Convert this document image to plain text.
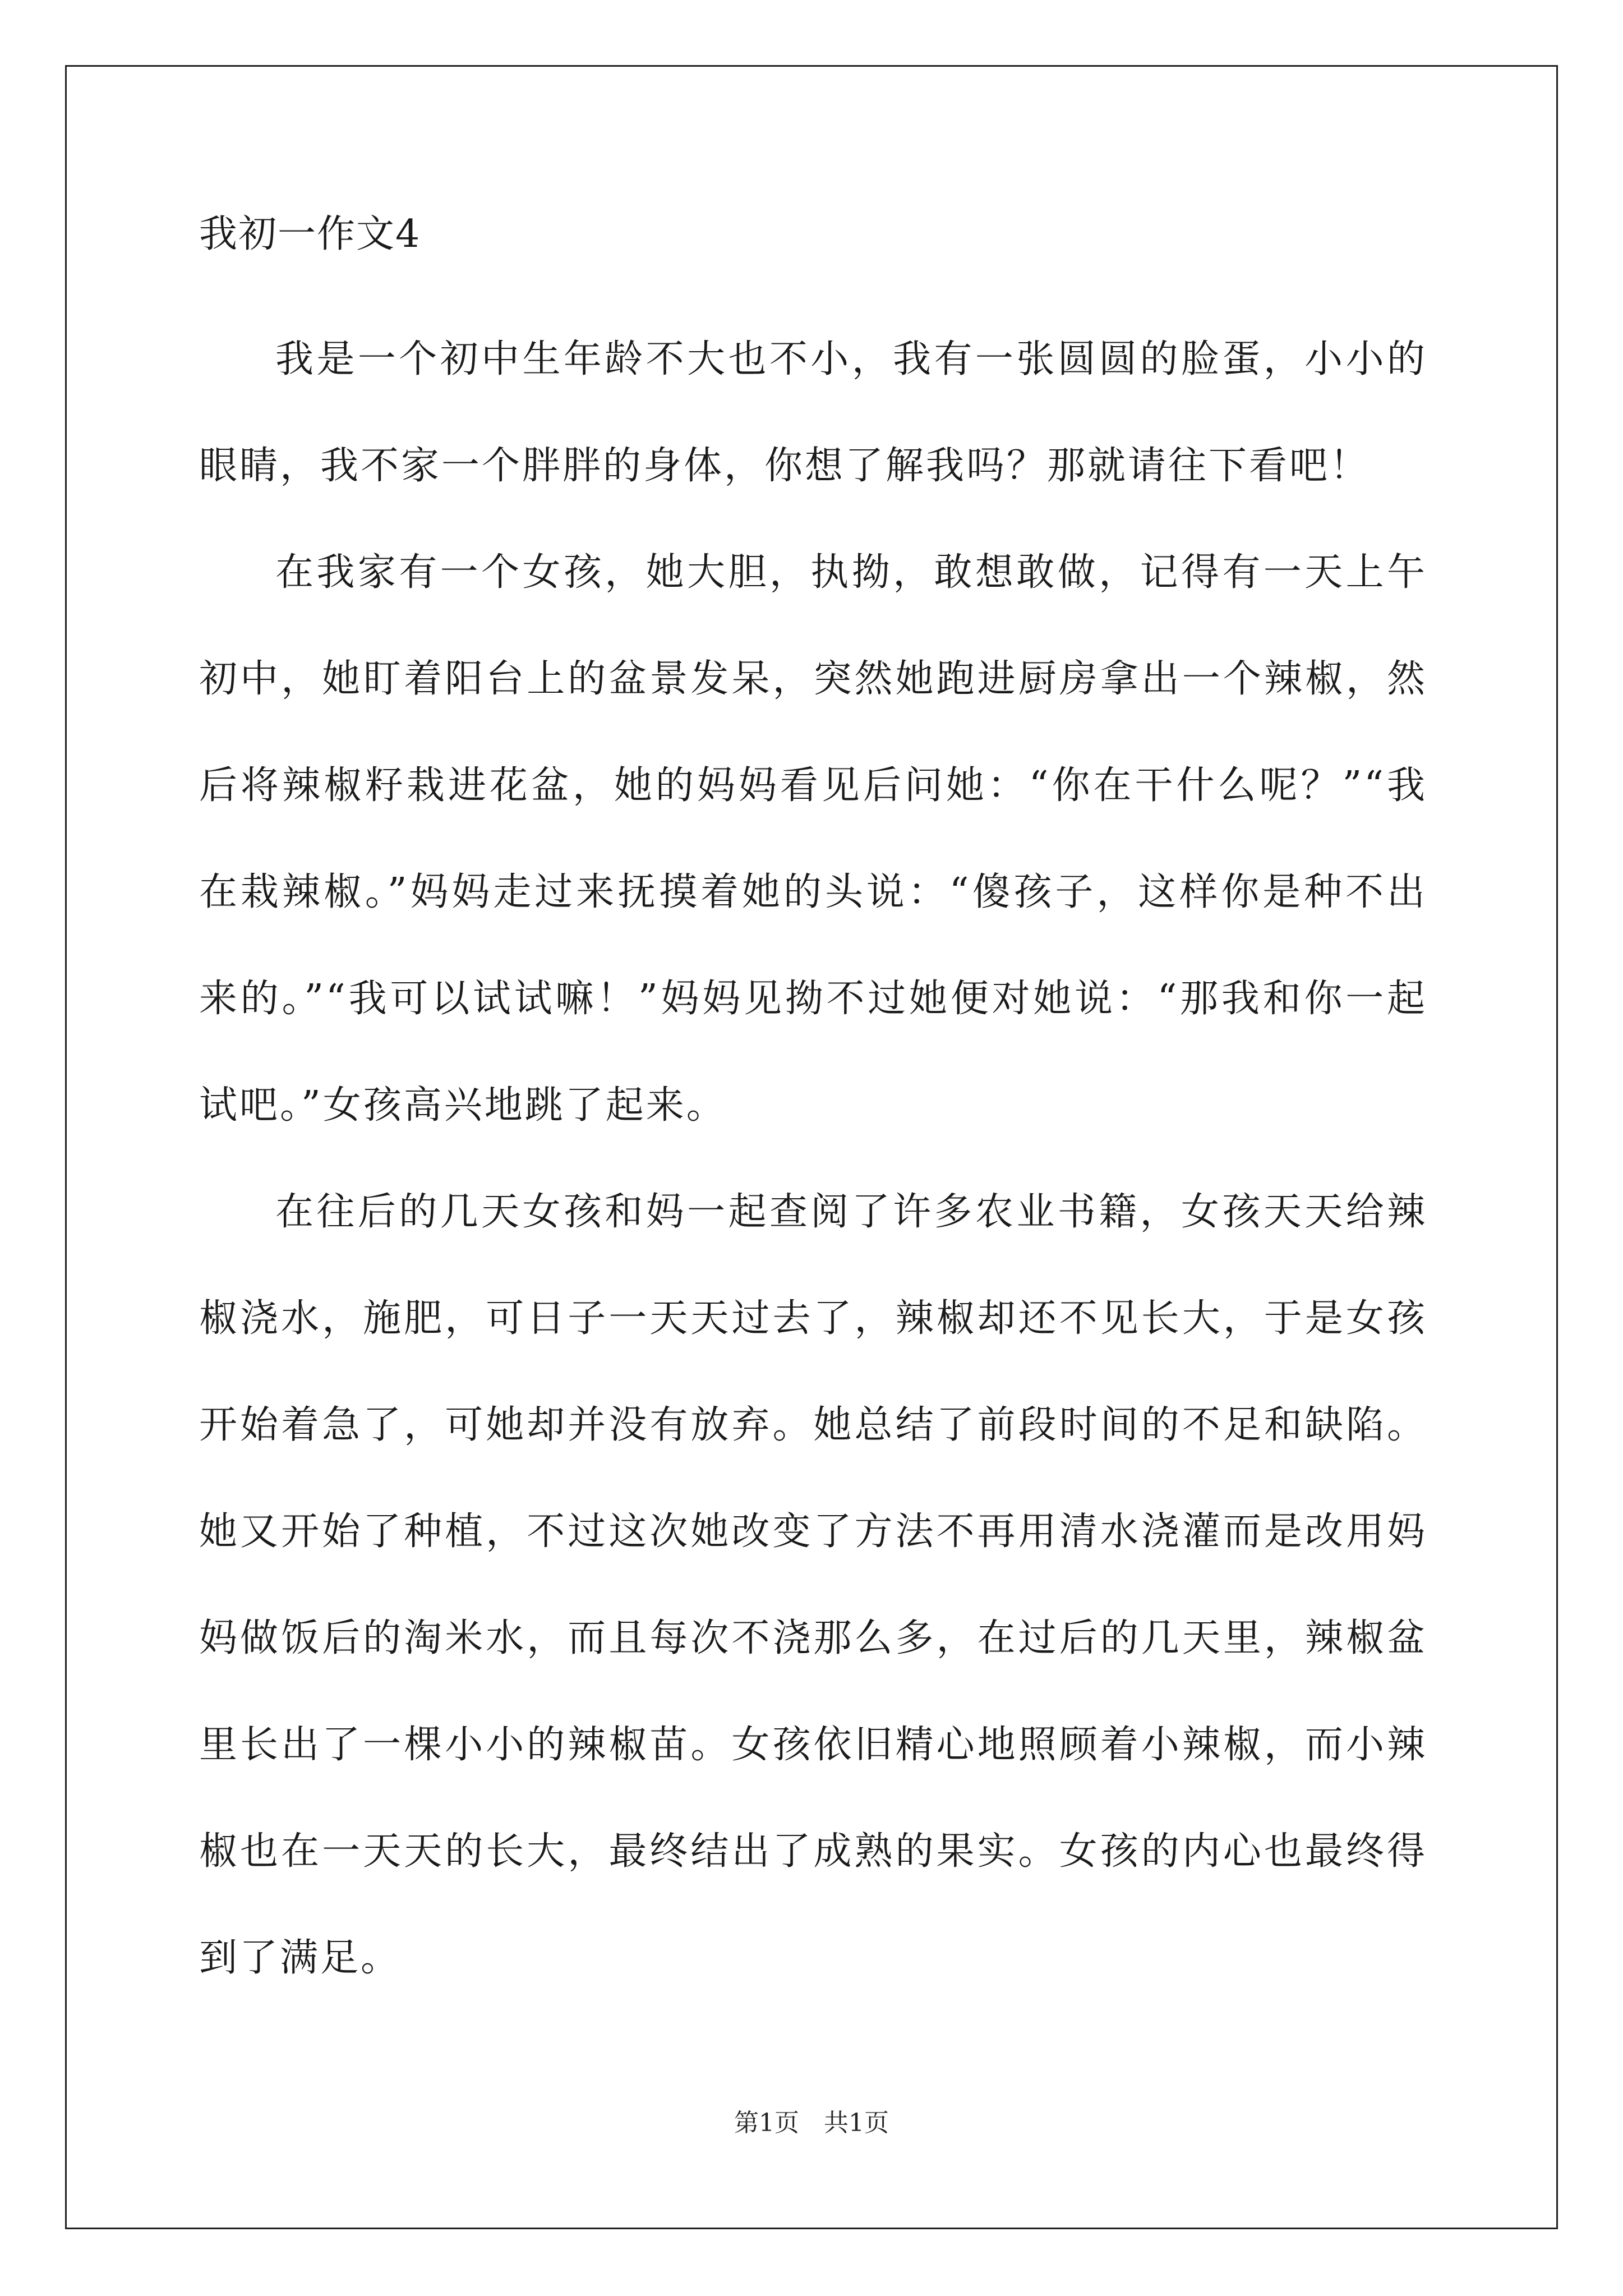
我初一作文4

我是一个初中生年龄不大也不小，我有一张圆圆的脸蛋，小小的眼睛，我不家一个胖胖的身体，你想了解我吗？那就请往下看吧！

在我家有一个女孩，她大胆，执拗，敢想敢做，记得有一天上午初中，她盯着阳台上的盆景发呆，突然她跑进厨房拿出一个辣椒，然后将辣椒籽栽进花盆，她的妈妈看见后问她：“你在干什么呢？”“我在栽辣椒。”妈妈走过来抚摸着她的头说：“傻孩子，这样你是种不出来的。”“我可以试试嘛！”妈妈见拗不过她便对她说：“那我和你一起试吧。”女孩高兴地跳了起来。

在往后的几天女孩和妈一起查阅了许多农业书籍，女孩天天给辣椒浇水，施肥，可日子一天天过去了，辣椒却还不见长大，于是女孩开始着急了，可她却并没有放弃。她总结了前段时间的不足和缺陷。她又开始了种植，不过这次她改变了方法不再用清水浇灌而是改用妈妈做饭后的淘米水，而且每次不浇那么多，在过后的几天里，辣椒盆里长出了一棵小小的辣椒苗。女孩依旧精心地照顾着小辣椒，而小辣椒也在一天天的长大，最终结出了成熟的果实。女孩的内心也最终得到了满足。

第1页 共1页
